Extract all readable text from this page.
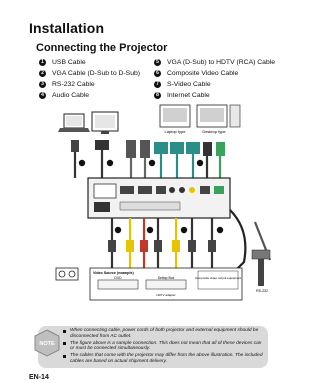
Installation
Connecting the Projector
1	USB Cable
2	VGA Cable (D-Sub to D-Sub)
3	RS-232 Cable
4	Audio Cable
5	VGA (D-Sub) to HDTV (RCA) Cable
6	Composite Video Cable
7	S-Video Cable
8	Internet Cable
Laptop type	Desktop type
Video Source (example)
DVD	Settop Box
HDTV adapter
Composite video output equipment
RS-232
NOTE
When connecting cable, power cords of both projector and external equipment should be disconnected from AC outlet.
The figure above is a sample connection. This does not mean that all of these devices can or must be connected simultaneously.
The cables that come with the projector may differ from the above illustration. The included cables are based on actual shipment delivery.
EN-14
